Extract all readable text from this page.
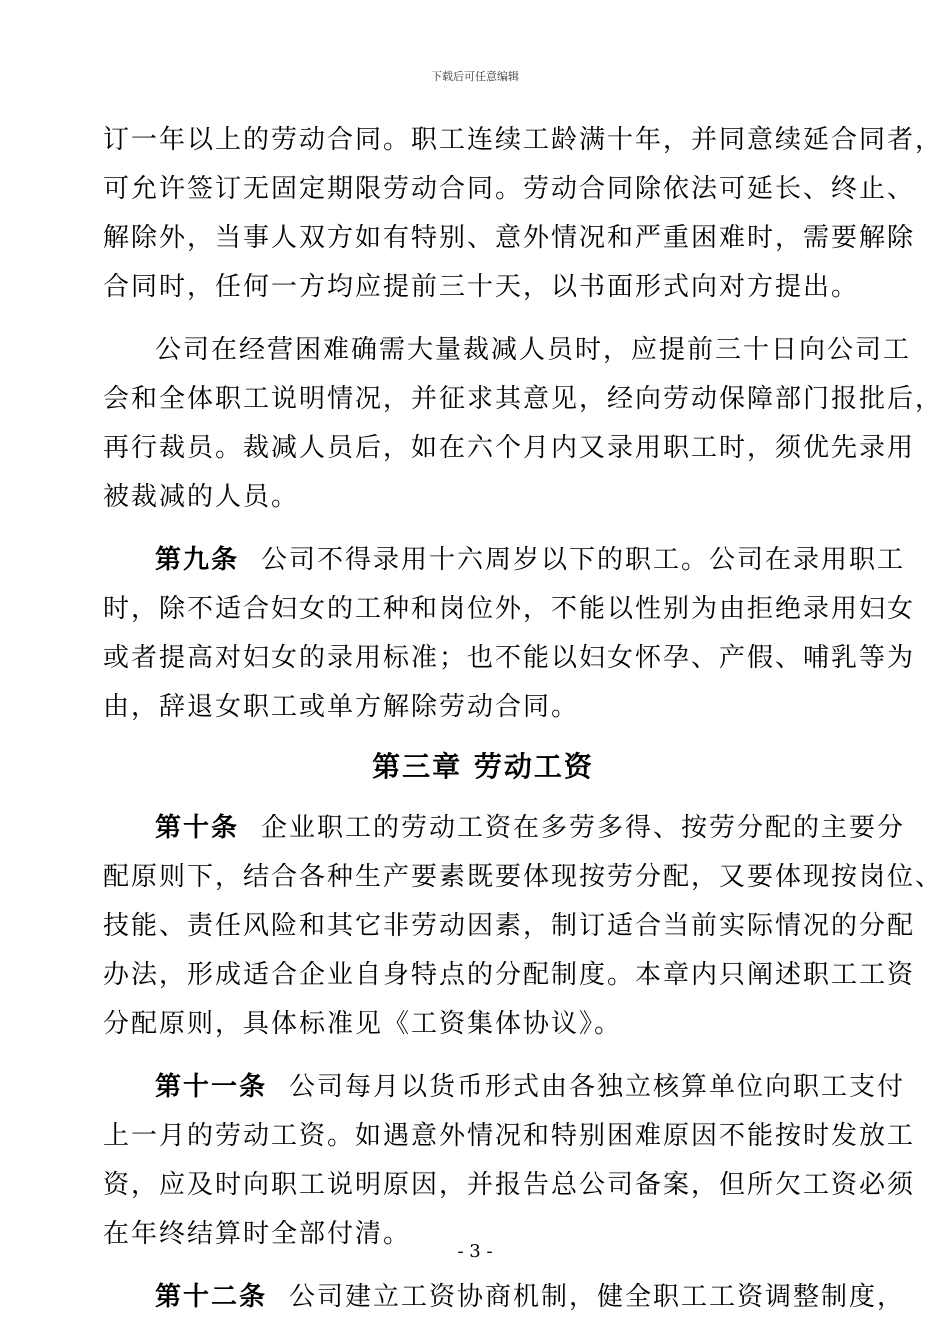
下载后可任意编辑
订一年以上的劳动合同。职工连续工龄满十年，并同意续延合同者，
可允许签订无固定期限劳动合同。劳动合同除依法可延长、终止、
解除外，当事人双方如有特别、意外情况和严重困难时，需要解除
合同时，任何一方均应提前三十天，以书面形式向对方提出。
公司在经营困难确需大量裁减人员时，应提前三十日向公司工
会和全体职工说明情况，并征求其意见，经向劳动保障部门报批后，
再行裁员。裁减人员后，如在六个月内又录用职工时，须优先录用
被裁减的人员。
第九条 公司不得录用十六周岁以下的职工。公司在录用职工
时，除不适合妇女的工种和岗位外，不能以性别为由拒绝录用妇女
或者提高对妇女的录用标准；也不能以妇女怀孕、产假、哺乳等为
由，辞退女职工或单方解除劳动合同。
第三章 劳动工资
第十条 企业职工的劳动工资在多劳多得、按劳分配的主要分
配原则下，结合各种生产要素既要体现按劳分配，又要体现按岗位、
技能、责任风险和其它非劳动因素，制订适合当前实际情况的分配
办法，形成适合企业自身特点的分配制度。本章内只阐述职工工资
分配原则，具体标准见《工资集体协议》。
第十一条 公司每月以货币形式由各独立核算单位向职工支付
上一月的劳动工资。如遇意外情况和特别困难原因不能按时发放工
资，应及时向职工说明原因，并报告总公司备案，但所欠工资必须
在年终结算时全部付清。
第十二条 公司建立工资协商机制，健全职工工资调整制度，
- 3 -
